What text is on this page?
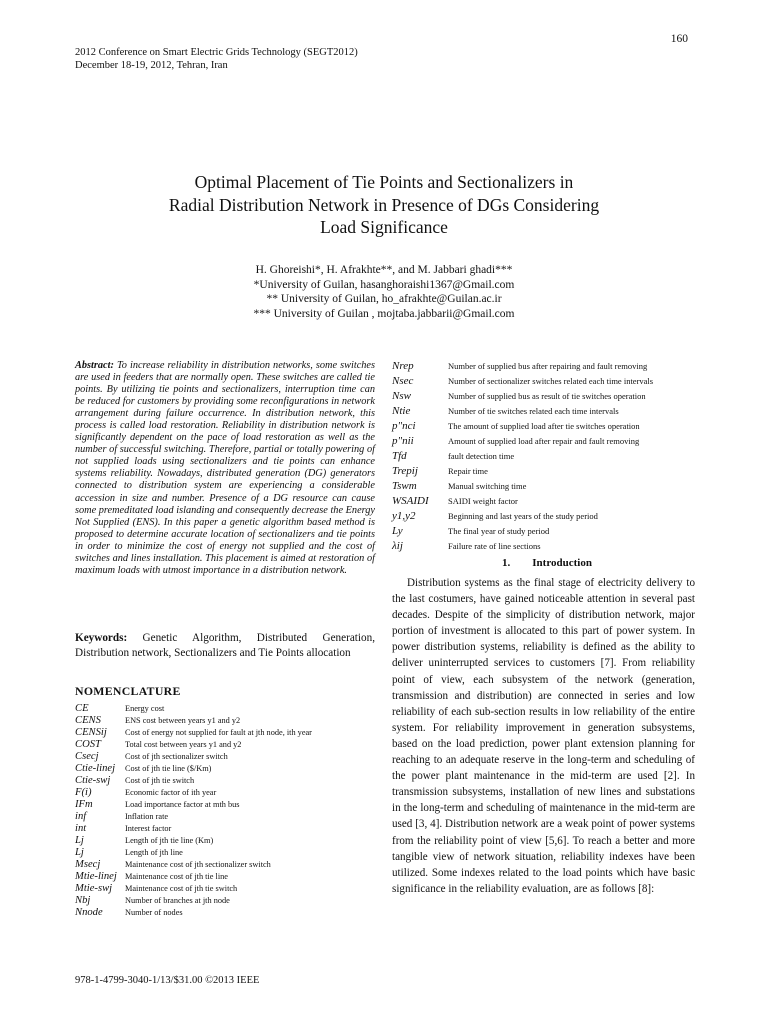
160
2012 Conference on Smart Electric Grids Technology (SEGT2012)
December 18-19, 2012, Tehran, Iran
Optimal Placement of Tie Points and Sectionalizers in
Radial Distribution Network in Presence of DGs Considering
Load Significance
H. Ghoreishi*, H. Afrakhte**, and M. Jabbari ghadi***
*University of Guilan, hasanghoraishi1367@Gmail.com
** University of Guilan, ho_afrakhte@Guilan.ac.ir
*** University of Guilan , mojtaba.jabbarii@Gmail.com
Abstract: To increase reliability in distribution networks, some switches are used in feeders that are normally open. These switches are called tie points. By utilizing tie points and sectionalizers, interruption time can be reduced for customers by providing some reconfigurations in network arrangement during failure occurrence. In distribution network, this process is called load restoration. Reliability in distribution network is significantly dependent on the pace of load restoration as well as the number of successful switching. Therefore, partial or totally powering of not supplied loads using sectionalizers and tie points can enhance systems reliability. Nowadays, distributed generation (DG) generators connected to distribution system are experiencing a considerable accession in size and number. Presence of a DG resource can cause some premeditated load islanding and consequently decrease the Energy Not Supplied (ENS). In this paper a genetic algorithm based method is proposed to determine accurate location of sectionalizers and tie points in order to minimize the cost of energy not supplied and the cost of switches and lines installation. This placement is aimed at restoration of maximum loads with utmost importance in a distribution network.
Keywords: Genetic Algorithm, Distributed Generation, Distribution network, Sectionalizers and Tie Points allocation
NOMENCLATURE
CE	Energy cost
CENS	ENS cost between years y1 and y2
CENSij	Cost of energy not supplied for fault at jth node, ith year
COST	Total cost between years y1 and y2
Csecj	Cost of jth sectionalizer switch
Ctie-linej	Cost of jth tie line ($/Km)
Ctie-swj	Cost of jth tie switch
F(i)	Economic factor of ith year
IFm	Load importance factor at mth bus
inf	Inflation rate
int	Interest factor
Lj	Length of jth tie line (Km)
Lj	Length of jth line
Msecj	Maintenance cost of jth sectionalizer switch
Mtie-linej Maintenance cost of jth tie line
Mtie-swj	Maintenance cost of jth tie switch
Nbj	Number of branches at jth node
Nnode	Number of nodes
Nrep	Number of supplied bus after repairing and fault removing
Nsec	Number of sectionalizer switches related each time intervals
Nsw	Number of supplied bus as result of tie switches operation
Ntie	Number of tie switches related each time intervals
p"nci	The amount of supplied load after tie switches operation
p"nii	Amount of supplied load after repair and fault removing
Tfd	fault detection time
Trepij	Repair time
Tswm	Manual switching time
WSAIDI	SAIDI weight factor
y1,y2	Beginning and last years of the study period
Ly	The final year of study period
λij	Failure rate of line sections
1. Introduction
Distribution systems as the final stage of electricity delivery to the last costumers, have gained noticeable attention in several past decades. Despite of the simplicity of distribution network, major portion of investment is allocated to this part of power system. In power distribution systems, reliability is defined as the ability to deliver uninterrupted services to customers [7]. From reliability point of view, each subsystem of the network (generation, transmission and distribution) are connected in series and low reliability of each sub-section results in low reliability of the entire system. For reliability improvement in generation subsystems, based on the load prediction, power plant extension planning for reaching to an adequate reserve in the long-term and scheduling of the power plant maintenance in the mid-term are used [2]. In transmission subsystems, installation of new lines and substations in the long-term and scheduling of maintenance in the mid-term are used [3, 4]. Distribution network are a weak point of power systems from the reliability point of view [5,6]. To reach a better and more tangible view of network situation, reliability indexes have been utilized. Some indexes related to the load points which have basic significance in the reliability evaluation, are as follows [8]:
978-1-4799-3040-1/13/$31.00 ©2013 IEEE
